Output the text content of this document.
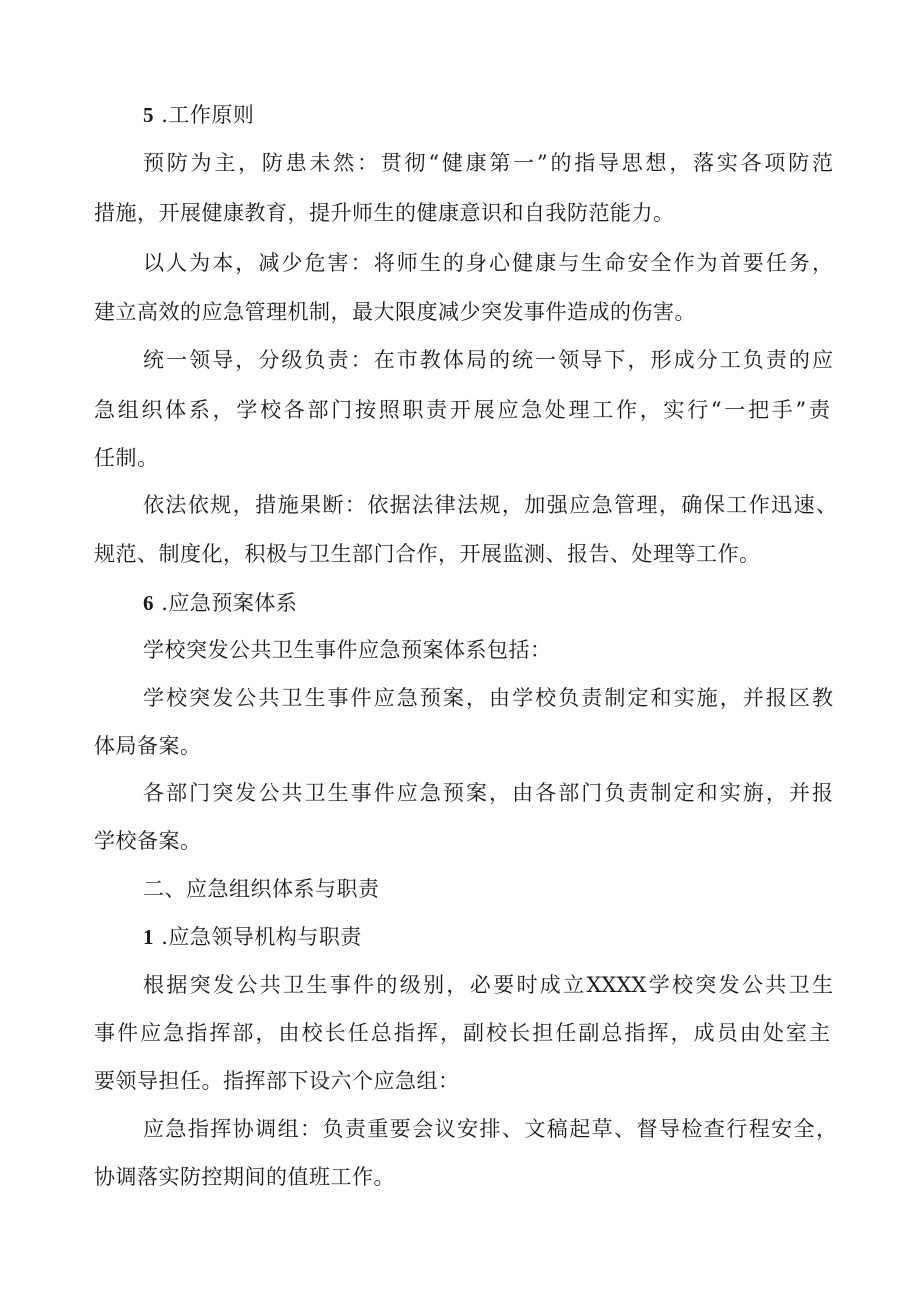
5 .工作原则

预防为主，防患未然：贯彻“健康第一”的指导思想，落实各项防范

措施，开展健康教育，提升师生的健康意识和自我防范能力。

以人为本，减少危害：将师生的身心健康与生命安全作为首要任务，

建立高效的应急管理机制，最大限度减少突发事件造成的伤害。

统一领导，分级负责：在市教体局的统一领导下，形成分工负责的应

急组织体系，学校各部门按照职责开展应急处理工作，实行“一把手”责

任制。

依法依规，措施果断：依据法律法规，加强应急管理，确保工作迅速、

规范、制度化，积极与卫生部门合作，开展监测、报告、处理等工作。

6 .应急预案体系

学校突发公共卫生事件应急预案体系包括：

学校突发公共卫生事件应急预案，由学校负责制定和实施，并报区教

体局备案。

各部门突发公共卫生事件应急预案，由各部门负责制定和实旃，并报

学校备案。

二、应急组织体系与职责

1 .应急领导机构与职责

根据突发公共卫生事件的级别，必要时成立XXXX学校突发公共卫生

事件应急指挥部，由校长任总指挥，副校长担任副总指挥，成员由处室主

要领导担任。指挥部下设六个应急组：

应急指挥协调组：负责重要会议安排、文稿起草、督导检查行程安全，

协调落实防控期间的值班工作。
